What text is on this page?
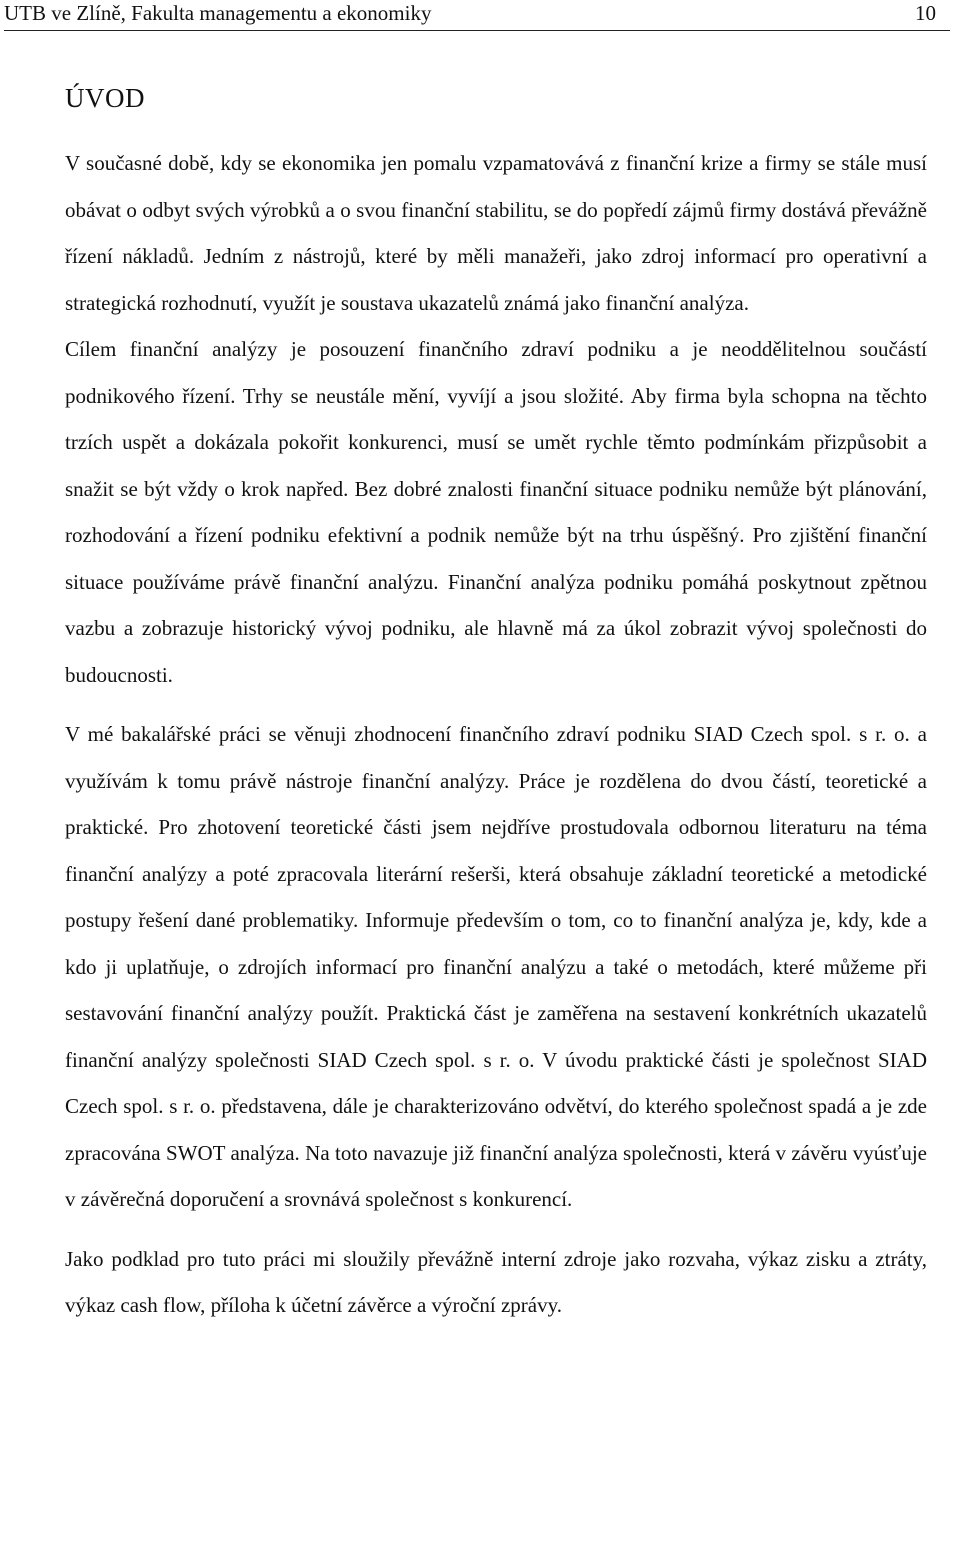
UTB ve Zlíně, Fakulta managementu a ekonomiky	10
ÚVOD

V současné době, kdy se ekonomika jen pomalu vzpamatovává z finanční krize a firmy se stále musí obávat o odbyt svých výrobků a o svou finanční stabilitu, se do popředí zájmů firmy dostává převážně řízení nákladů. Jedním z nástrojů, které by měli manažeři, jako zdroj informací pro operativní a strategická rozhodnutí, využít je soustava ukazatelů známá jako finanční analýza.

Cílem finanční analýzy je posouzení finančního zdraví podniku a je neoddělitelnou součástí podnikového řízení. Trhy se neustále mění, vyvíjí a jsou složité. Aby firma byla schopna na těchto trzích uspět a dokázala pokořit konkurenci, musí se umět rychle těmto podmínkám přizpůsobit a snažit se být vždy o krok napřed. Bez dobré znalosti finanční situace podniku nemůže být plánování, rozhodování a řízení podniku efektivní a podnik nemůže být na trhu úspěšný. Pro zjištění finanční situace používáme právě finanční analýzu. Finanční analýza podniku pomáhá poskytnout zpětnou vazbu a zobrazuje historický vývoj podniku, ale hlavně má za úkol zobrazit vývoj společnosti do budoucnosti.

V mé bakalářské práci se věnuji zhodnocení finančního zdraví podniku SIAD Czech spol. s r. o. a využívám k tomu právě nástroje finanční analýzy. Práce je rozdělena do dvou částí, teoretické a praktické. Pro zhotovení teoretické části jsem nejdříve prostudovala odbornou literaturu na téma finanční analýzy a poté zpracovala literární rešerši, která obsahuje základní teoretické a metodické postupy řešení dané problematiky. Informuje především o tom, co to finanční analýza je, kdy, kde a kdo ji uplatňuje, o zdrojích informací pro finanční analýzu a také o metodách, které můžeme při sestavování finanční analýzy použít. Praktická část je zaměřena na sestavení konkrétních ukazatelů finanční analýzy společnosti SIAD Czech spol. s r. o. V úvodu praktické části je společnost SIAD Czech spol. s r. o. představena, dále je charakterizováno odvětví, do kterého společnost spadá a je zde zpracována SWOT analýza. Na toto navazuje již finanční analýza společnosti, která v závěru vyúsťuje v závěrečná doporučení a srovnává společnost s konkurencí.

Jako podklad pro tuto práci mi sloužily převážně interní zdroje jako rozvaha, výkaz zisku a ztráty, výkaz cash flow, příloha k účetní závěrce a výroční zprávy.
